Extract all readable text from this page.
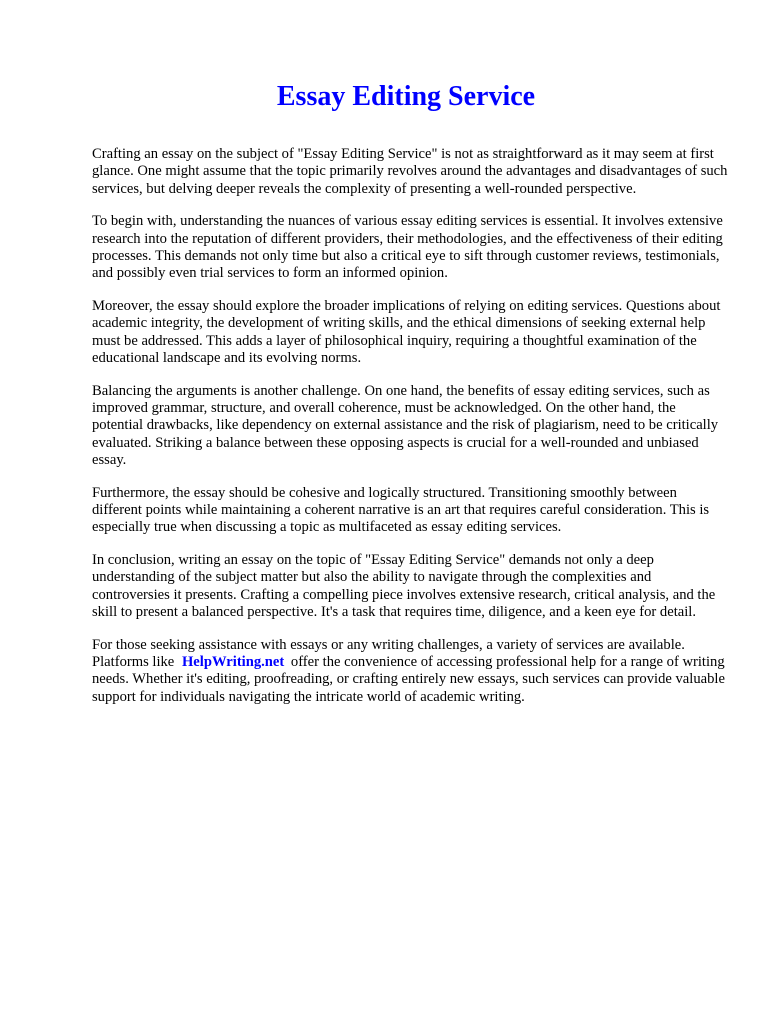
Essay Editing Service

Crafting an essay on the subject of "Essay Editing Service" is not as straightforward as it may seem at first glance. One might assume that the topic primarily revolves around the advantages and disadvantages of such services, but delving deeper reveals the complexity of presenting a well-rounded perspective.

To begin with, understanding the nuances of various essay editing services is essential. It involves extensive research into the reputation of different providers, their methodologies, and the effectiveness of their editing processes. This demands not only time but also a critical eye to sift through customer reviews, testimonials, and possibly even trial services to form an informed opinion.

Moreover, the essay should explore the broader implications of relying on editing services. Questions about academic integrity, the development of writing skills, and the ethical dimensions of seeking external help must be addressed. This adds a layer of philosophical inquiry, requiring a thoughtful examination of the educational landscape and its evolving norms.

Balancing the arguments is another challenge. On one hand, the benefits of essay editing services, such as improved grammar, structure, and overall coherence, must be acknowledged. On the other hand, the potential drawbacks, like dependency on external assistance and the risk of plagiarism, need to be critically evaluated. Striking a balance between these opposing aspects is crucial for a well-rounded and unbiased essay.

Furthermore, the essay should be cohesive and logically structured. Transitioning smoothly between different points while maintaining a coherent narrative is an art that requires careful consideration. This is especially true when discussing a topic as multifaceted as essay editing services.

In conclusion, writing an essay on the topic of "Essay Editing Service" demands not only a deep understanding of the subject matter but also the ability to navigate through the complexities and controversies it presents. Crafting a compelling piece involves extensive research, critical analysis, and the skill to present a balanced perspective. It's a task that requires time, diligence, and a keen eye for detail.

For those seeking assistance with essays or any writing challenges, a variety of services are available. Platforms like HelpWriting.net offer the convenience of accessing professional help for a range of writing needs. Whether it's editing, proofreading, or crafting entirely new essays, such services can provide valuable support for individuals navigating the intricate world of academic writing.
